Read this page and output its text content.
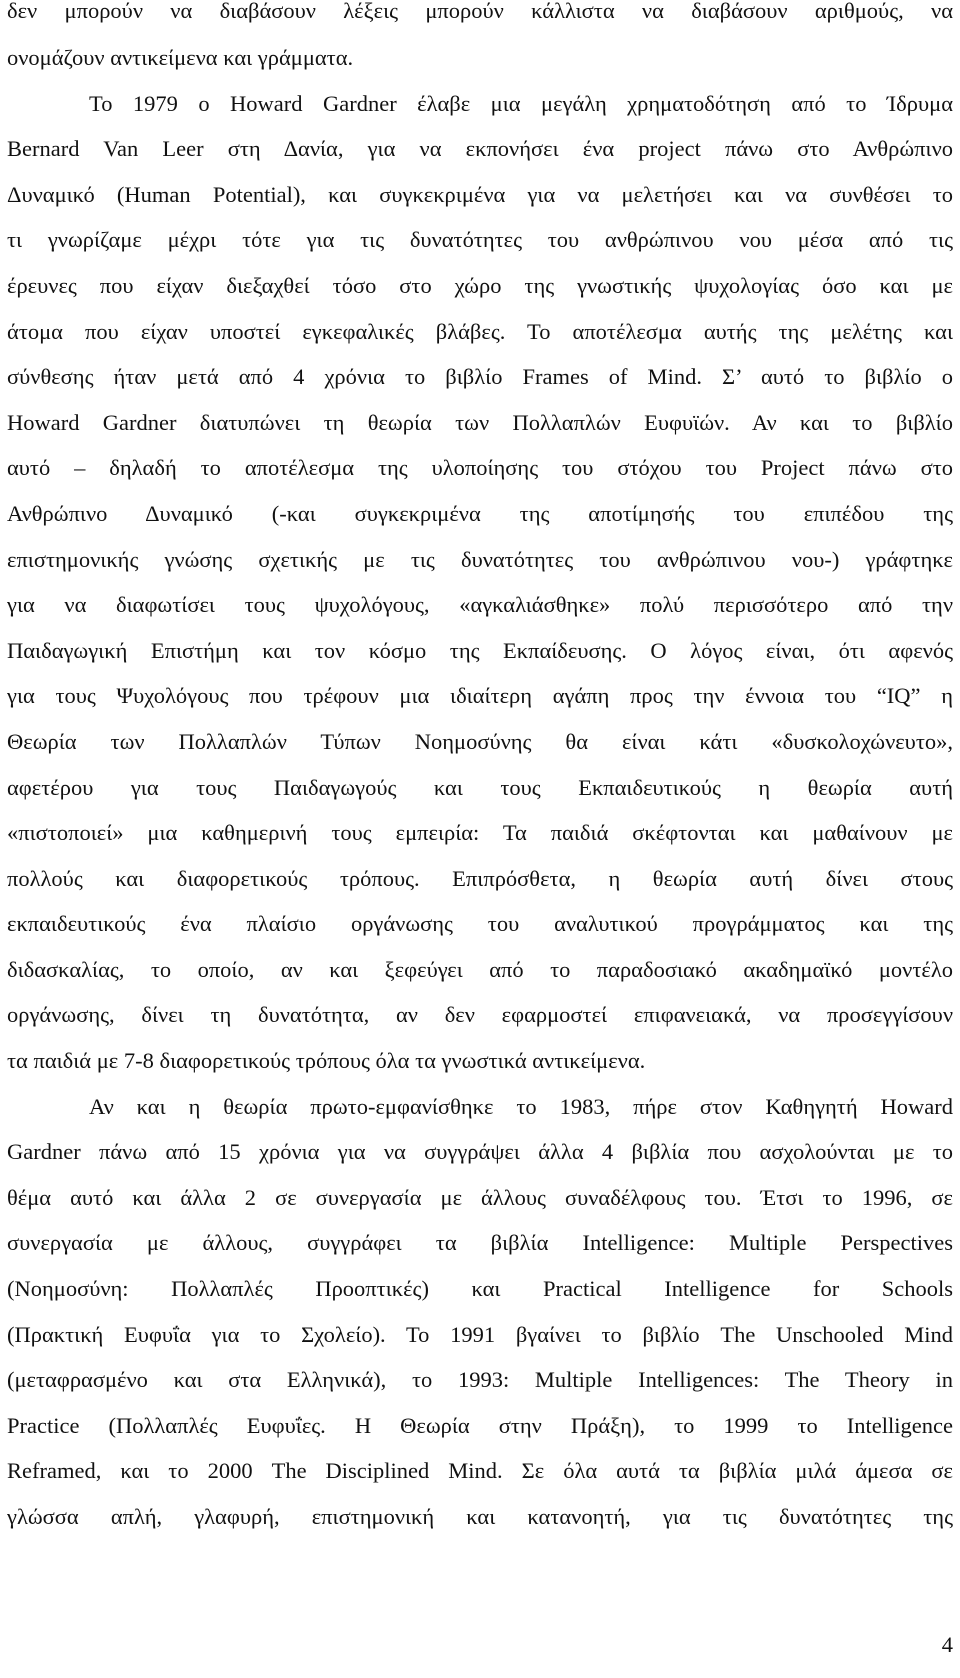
δεν μπορούν να διαβάσουν λέξεις μπορούν κάλλιστα να διαβάσουν αριθμούς, να
ονομάζουν αντικείμενα και γράμματα.
Το 1979 ο Howard Gardner έλαβε μια μεγάλη χρηματοδότηση από το Ίδρυμα
Bernard Van Leer στη Δανία, για να εκπονήσει ένα project πάνω στο Ανθρώπινο
Δυναμικό (Human Potential), και συγκεκριμένα για να μελετήσει και να συνθέσει το
τι γνωρίζαμε μέχρι τότε για τις δυνατότητες του ανθρώπινου νου μέσα από τις
έρευνες που είχαν διεξαχθεί τόσο στο χώρο της γνωστικής ψυχολογίας όσο και με
άτομα που είχαν υποστεί εγκεφαλικές βλάβες. Το αποτέλεσμα αυτής της μελέτης και
σύνθεσης ήταν μετά από 4 χρόνια το βιβλίο Frames of Mind. Σ’ αυτό το βιβλίο ο
Howard Gardner διατυπώνει τη θεωρία των Πολλαπλών Ευφυϊών. Αν και το βιβλίο
αυτό – δηλαδή το αποτέλεσμα της υλοποίησης του στόχου του Project πάνω στο
Ανθρώπινο Δυναμικό (-και συγκεκριμένα της αποτίμησής του επιπέδου της
επιστημονικής γνώσης σχετικής με τις δυνατότητες του ανθρώπινου νου-) γράφτηκε
για να διαφωτίσει τους ψυχολόγους, «αγκαλιάσθηκε» πολύ περισσότερο από την
Παιδαγωγική Επιστήμη και τον κόσμο της Εκπαίδευσης. Ο λόγος είναι, ότι αφενός
για τους Ψυχολόγους που τρέφουν μια ιδιαίτερη αγάπη προς την έννοια του “IQ” η
Θεωρία των Πολλαπλών Τύπων Νοημοσύνης θα είναι κάτι «δυσκολοχώνευτο»,
αφετέρου για τους Παιδαγωγούς και τους Εκπαιδευτικούς η θεωρία αυτή
«πιστοποιεί» μια καθημερινή τους εμπειρία: Τα παιδιά σκέφτονται και μαθαίνουν με
πολλούς και διαφορετικούς τρόπους. Επιπρόσθετα, η θεωρία αυτή δίνει στους
εκπαιδευτικούς ένα πλαίσιο οργάνωσης του αναλυτικού προγράμματος και της
διδασκαλίας, το οποίο, αν και ξεφεύγει από το παραδοσιακό ακαδημαϊκό μοντέλο
οργάνωσης, δίνει τη δυνατότητα, αν δεν εφαρμοστεί επιφανειακά, να προσεγγίσουν
τα παιδιά με 7-8 διαφορετικούς τρόπους όλα τα γνωστικά αντικείμενα.
Αν και η θεωρία πρωτο-εμφανίσθηκε το 1983, πήρε στον Καθηγητή Howard
Gardner πάνω από 15 χρόνια για να συγγράψει άλλα 4 βιβλία που ασχολούνται με το
θέμα αυτό και άλλα 2 σε συνεργασία με άλλους συναδέλφους του. Έτσι το 1996, σε
συνεργασία με άλλους, συγγράφει τα βιβλία Intelligence: Multiple Perspectives
(Νοημοσύνη: Πολλαπλές Προοπτικές) και Practical Intelligence for Schools
(Πρακτική Ευφυΐα για το Σχολείο). Το 1991 βγαίνει το βιβλίο The Unschooled Mind
(μεταφρασμένο και στα Ελληνικά), το 1993: Multiple Intelligences: The Theory in
Practice (Πολλαπλές Ευφυΐες. Η Θεωρία στην Πράξη), το 1999 το Intelligence
Reframed, και το 2000 The Disciplined Mind. Σε όλα αυτά τα βιβλία μιλά άμεσα σε
γλώσσα απλή, γλαφυρή, επιστημονική και κατανοητή, για τις δυνατότητες της
4
